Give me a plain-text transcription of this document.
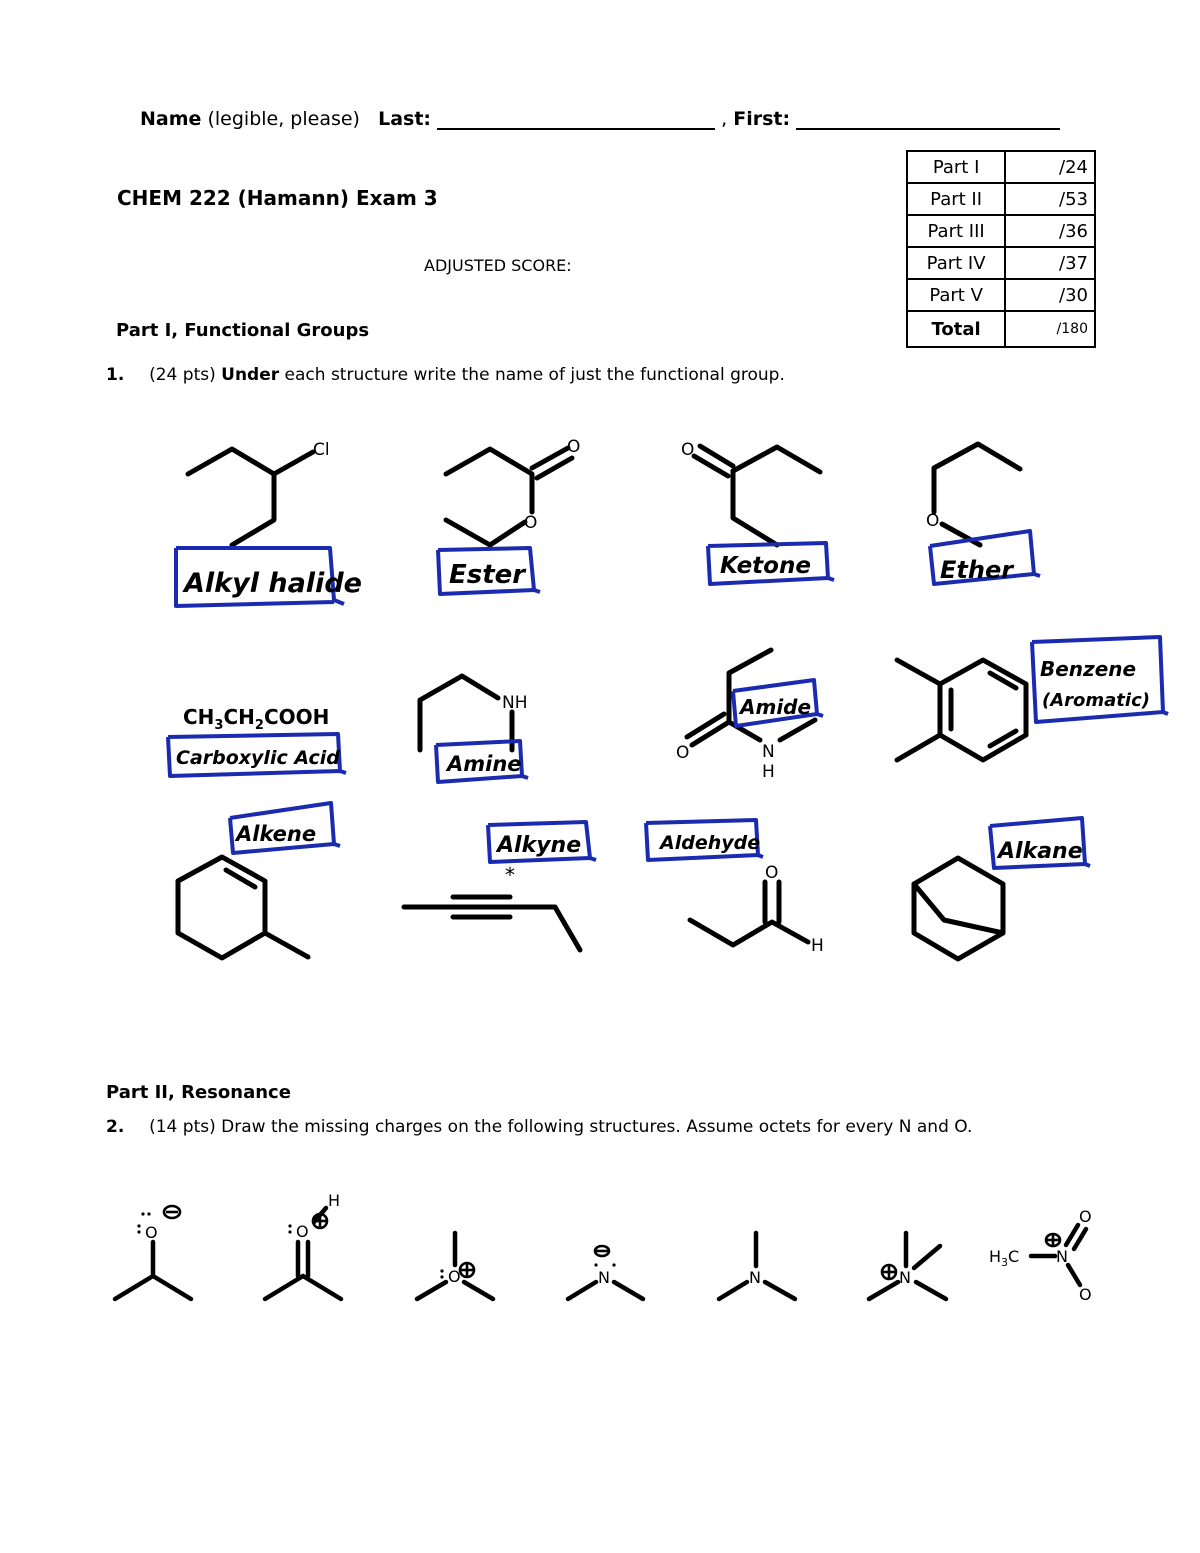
Name (legible, please) Last:	, First:
CHEM 222 (Hamann) Exam 3
ADJUSTED SCORE:
Part I	/24
Part II	/53
Part III	/36
Part IV	/37
Part V	/30
Total	/180
Part I, Functional Groups
1. (24 pts) Under each structure write the name of just the functional group.
Cl	O
O
O
O
NH
O	N
H
O
H
*
$CH_3CH_2COOH$
Alkyl halide	Ester	Ketone	Ether
Carboxylic Acid	Amine
Amide
Benzene
(Aromatic)
Alkene	Alkyne	Aldehyde	Alkane
Part II, Resonance
2. (14 pts) Draw the missing charges on the following structures. Assume octets for every N and O.
O	O
H
O	N	N	N
$H_3C$ N
O
O
